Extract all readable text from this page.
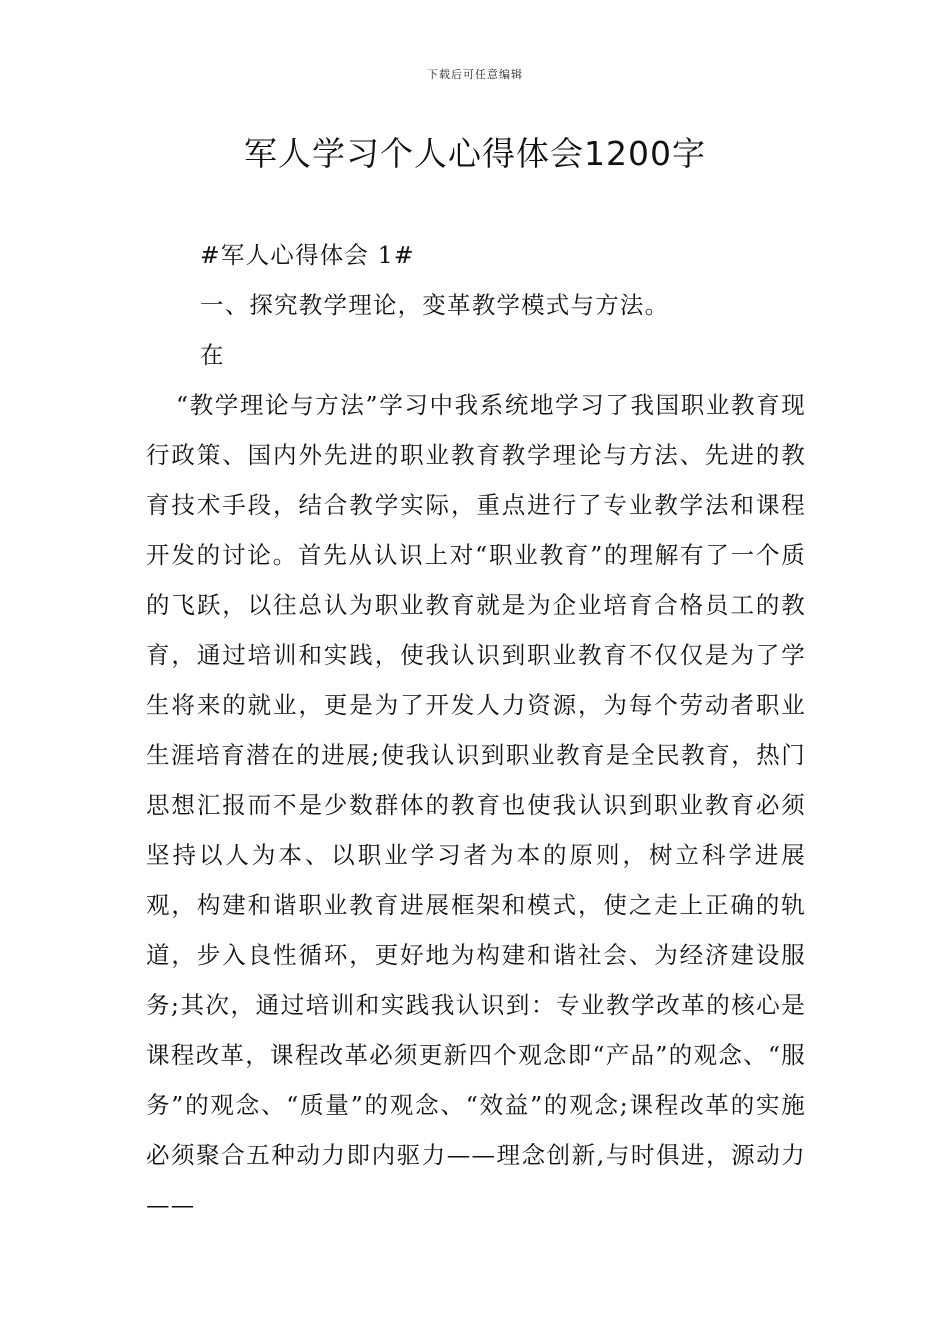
下载后可任意编辑
军人学习个人心得体会1200字

#军人心得体会 1#

一、探究教学理论，变革教学模式与方法。

在

“教学理论与方法”学习中我系统地学习了我国职业教育现行政策、国内外先进的职业教育教学理论与方法、先进的教育技术手段，结合教学实际，重点进行了专业教学法和课程开发的讨论。首先从认识上对“职业教育”的理解有了一个质的飞跃，以往总认为职业教育就是为企业培育合格员工的教育，通过培训和实践，使我认识到职业教育不仅仅是为了学生将来的就业，更是为了开发人力资源，为每个劳动者职业生涯培育潜在的进展;使我认识到职业教育是全民教育，热门思想汇报而不是少数群体的教育也使我认识到职业教育必须坚持以人为本、以职业学习者为本的原则，树立科学进展观，构建和谐职业教育进展框架和模式，使之走上正确的轨道，步入良性循环，更好地为构建和谐社会、为经济建设服务;其次，通过培训和实践我认识到：专业教学改革的核心是课程改革，课程改革必须更新四个观念即“产品”的观念、“服务”的观念、“质量”的观念、“效益”的观念;课程改革的实施必须聚合五种动力即内驱力——理念创新,与时俱进，源动力——
